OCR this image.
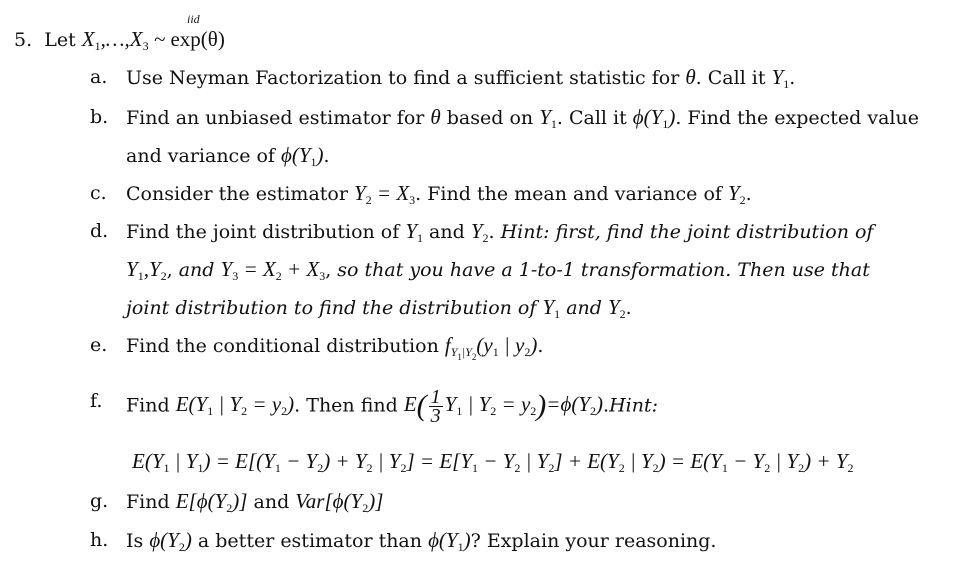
iid
5. Let $X_1,\dots,X_3$ ~ exp(θ)
a. Use Neyman Factorization to find a sufficient statistic for θ. Call it $Y_1$.
b. Find an unbiased estimator for θ based on $Y_1$. Call it $\phi(Y_1)$. Find the expected value
and variance of $\phi(Y_1)$.
c. Consider the estimator $Y_2 = X_3$. Find the mean and variance of $Y_2$.
d. Find the joint distribution of $Y_1$ and $Y_2$. Hint: first, find the joint distribution of
$Y_1,Y_2$, and $Y_3 = X_2 + X_3$, so that you have a 1-to-1 transformation. Then use that
joint distribution to find the distribution of $Y_1$ and $Y_2$.
e. Find the conditional distribution $f_{Y_1|Y_2}(y_1$ | $y_2$).
f. Find $E(Y_1$ | $Y_2 = y_2$). Then find $E( \frac{1}{3} Y_1$ | $Y_2$ = $y_2)=\phi(Y_2).Hint$:
$E(Y_1$ | $Y_1) = E[(Y_1 - Y_2) + Y_2$ | $Y_2] = E[Y_1 - Y_2$ | $Y_2] + E(Y_2$ | $Y_2) = E(Y_1 - Y_2$ | $Y_2) + Y_2$
g. Find $E[\phi(Y_2)]$ and $Var[\phi(Y_2)]$
h. Is $\phi(Y_2)$ a better estimator than $\phi(Y_1)$? Explain your reasoning.
